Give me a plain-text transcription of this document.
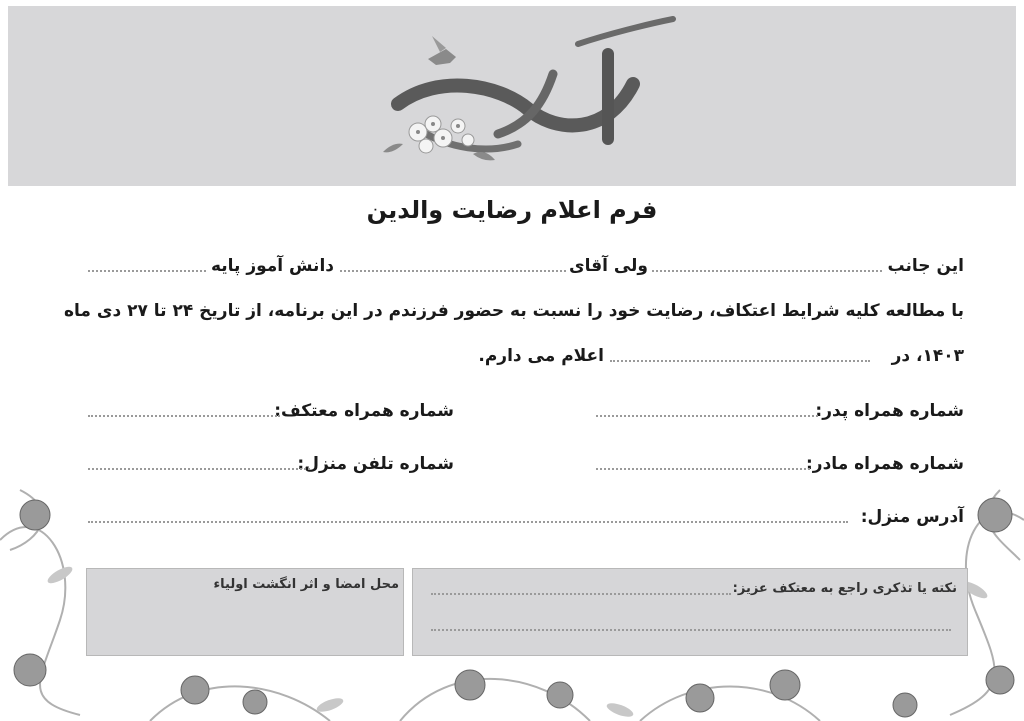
فرم اعلام رضایت والدین
این جانب
ولی آقای
دانش آموز پایه
با مطالعه کلیه شرایط اعتکاف، رضایت خود را نسبت به حضور فرزندم در این برنامه، از تاریخ ۲۴ تا ۲۷ دی ماه
۱۴۰۳، در
اعلام می دارم.
شماره همراه پدر:
شماره همراه معتکف:
شماره همراه مادر:
شماره تلفن منزل:
آدرس منزل:
نکته یا تذکری راجع به معتکف عزیز:
محل امضا و اثر انگشت اولیاء
